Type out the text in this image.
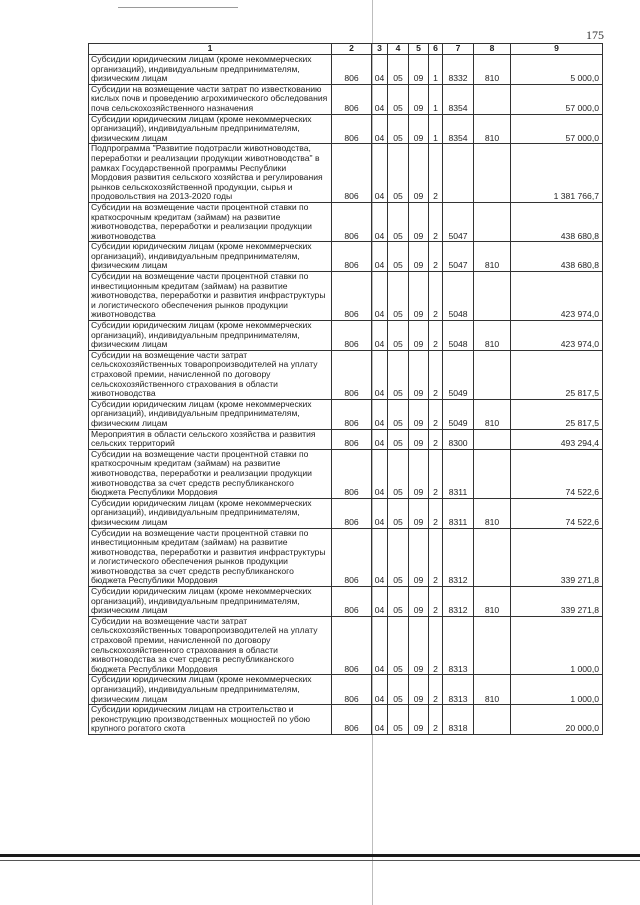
175
1	2	3	4	5	6	7	8	9
Субсидии юридическим лицам (кроме некоммерческих организаций), индивидуальным предпринимателям, физическим лицам	806	04	05	09	1	8332	810	5 000,0
Субсидии на возмещение части затрат по известкованию кислых почв и проведению агрохимического обследования почв сельскохозяйственного назначения	806	04	05	09	1	8354		57 000,0
Субсидии юридическим лицам (кроме некоммерческих организаций), индивидуальным предпринимателям, физическим лицам	806	04	05	09	1	8354	810	57 000,0
Подпрограмма "Развитие подотрасли животноводства, переработки и реализации продукции животноводства" в рамках Государственной программы Республики Мордовия развития сельского хозяйства и регулирования рынков сельскохозяйственной продукции, сырья и продовольствия на 2013-2020 годы	806	04	05	09	2			1 381 766,7
Субсидии на возмещение части процентной ставки по краткосрочным кредитам (займам) на развитие животноводства, переработки и реализации продукции животноводства	806	04	05	09	2	5047		438 680,8
Субсидии юридическим лицам (кроме некоммерческих организаций), индивидуальным предпринимателям, физическим лицам	806	04	05	09	2	5047	810	438 680,8
Субсидии на возмещение части процентной ставки по инвестиционным кредитам (займам) на развитие животноводства, переработки и развития инфраструктуры и логистического обеспечения рынков продукции животноводства	806	04	05	09	2	5048		423 974,0
Субсидии юридическим лицам (кроме некоммерческих организаций), индивидуальным предпринимателям, физическим лицам	806	04	05	09	2	5048	810	423 974,0
Субсидии на возмещение части затрат сельскохозяйственных товаропроизводителей на уплату страховой премии, начисленной по договору сельскохозяйственного страхования в области животноводства	806	04	05	09	2	5049		25 817,5
Субсидии юридическим лицам (кроме некоммерческих организаций), индивидуальным предпринимателям, физическим лицам	806	04	05	09	2	5049	810	25 817,5
Мероприятия в области сельского хозяйства и развития сельских территорий	806	04	05	09	2	8300		493 294,4
Субсидии на возмещение части процентной ставки по краткосрочным кредитам (займам) на развитие животноводства, переработки и реализации продукции животноводства за счет средств республиканского бюджета Республики Мордовия	806	04	05	09	2	8311		74 522,6
Субсидии юридическим лицам (кроме некоммерческих организаций), индивидуальным предпринимателям, физическим лицам	806	04	05	09	2	8311	810	74 522,6
Субсидии на возмещение части процентной ставки по инвестиционным кредитам (займам) на развитие животноводства, переработки и развития инфраструктуры и логистического обеспечения рынков продукции животноводства за счет средств республиканского бюджета Республики Мордовия	806	04	05	09	2	8312		339 271,8
Субсидии юридическим лицам (кроме некоммерческих организаций), индивидуальным предпринимателям, физическим лицам	806	04	05	09	2	8312	810	339 271,8
Субсидии на возмещение части затрат сельскохозяйственных товаропроизводителей на уплату страховой премии, начисленной по договору сельскохозяйственного страхования в области животноводства за счет средств республиканского бюджета Республики Мордовия	806	04	05	09	2	8313		1 000,0
Субсидии юридическим лицам (кроме некоммерческих организаций), индивидуальным предпринимателям, физическим лицам	806	04	05	09	2	8313	810	1 000,0
Субсидии юридическим лицам на строительство и реконструкцию производственных мощностей по убою крупного рогатого скота	806	04	05	09	2	8318		20 000,0
